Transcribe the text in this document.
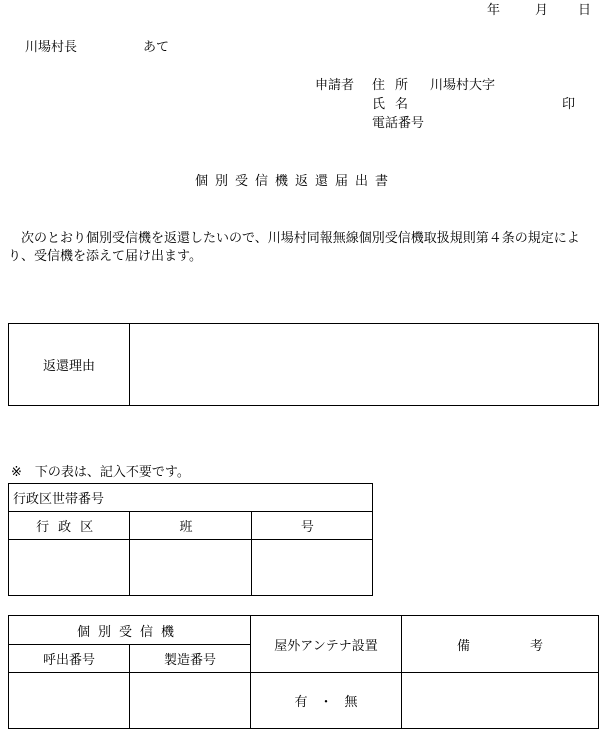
年	月 日
川場村長	あて
申請者 住所 川場村大字
氏名	印
電話番号
個別受信機返還届出書
次のとおり個別受信機を返還したいので、川場村同報無線個別受信機取扱規則第４条の規定により、受信機を添えて届け出ます。
返還理由	
※　下の表は、記入不要です。
行政区世帯番号		
行政区	班	号

個別受信機		屋外アンテナ設置	備 考
呼出番号	製造番号		
		有 ・ 無	
